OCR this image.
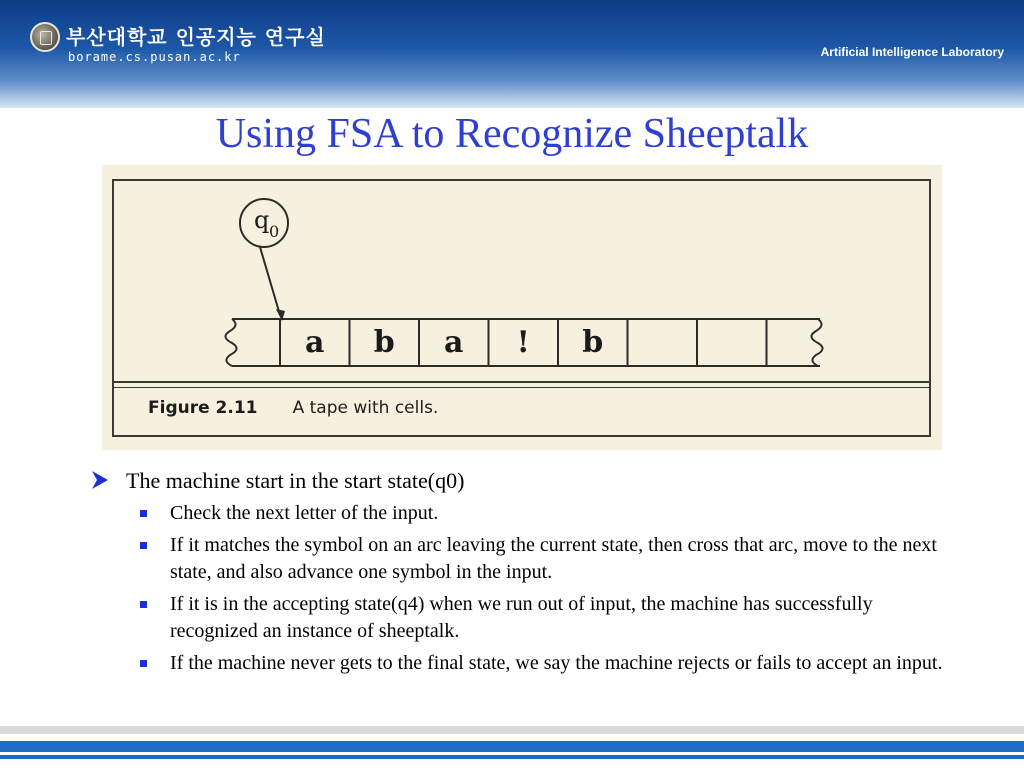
부산대학교 인공지능 연구실
borame.cs.pusan.ac.kr	Artificial Intelligence Laboratory
Using FSA to Recognize Sheeptalk
q 0
a b a ! b
Figure 2.11 A tape with cells.
The machine start in the start state(q0)
Check the next letter of the input.
If it matches the symbol on an arc leaving the current state, then cross that arc, move to the next state, and also advance one symbol in the input.
If it is in the accepting state(q4) when we run out of input, the machine has successfully recognized an instance of sheeptalk.
If the machine never gets to the final state, we say the machine rejects or fails to accept an input.
